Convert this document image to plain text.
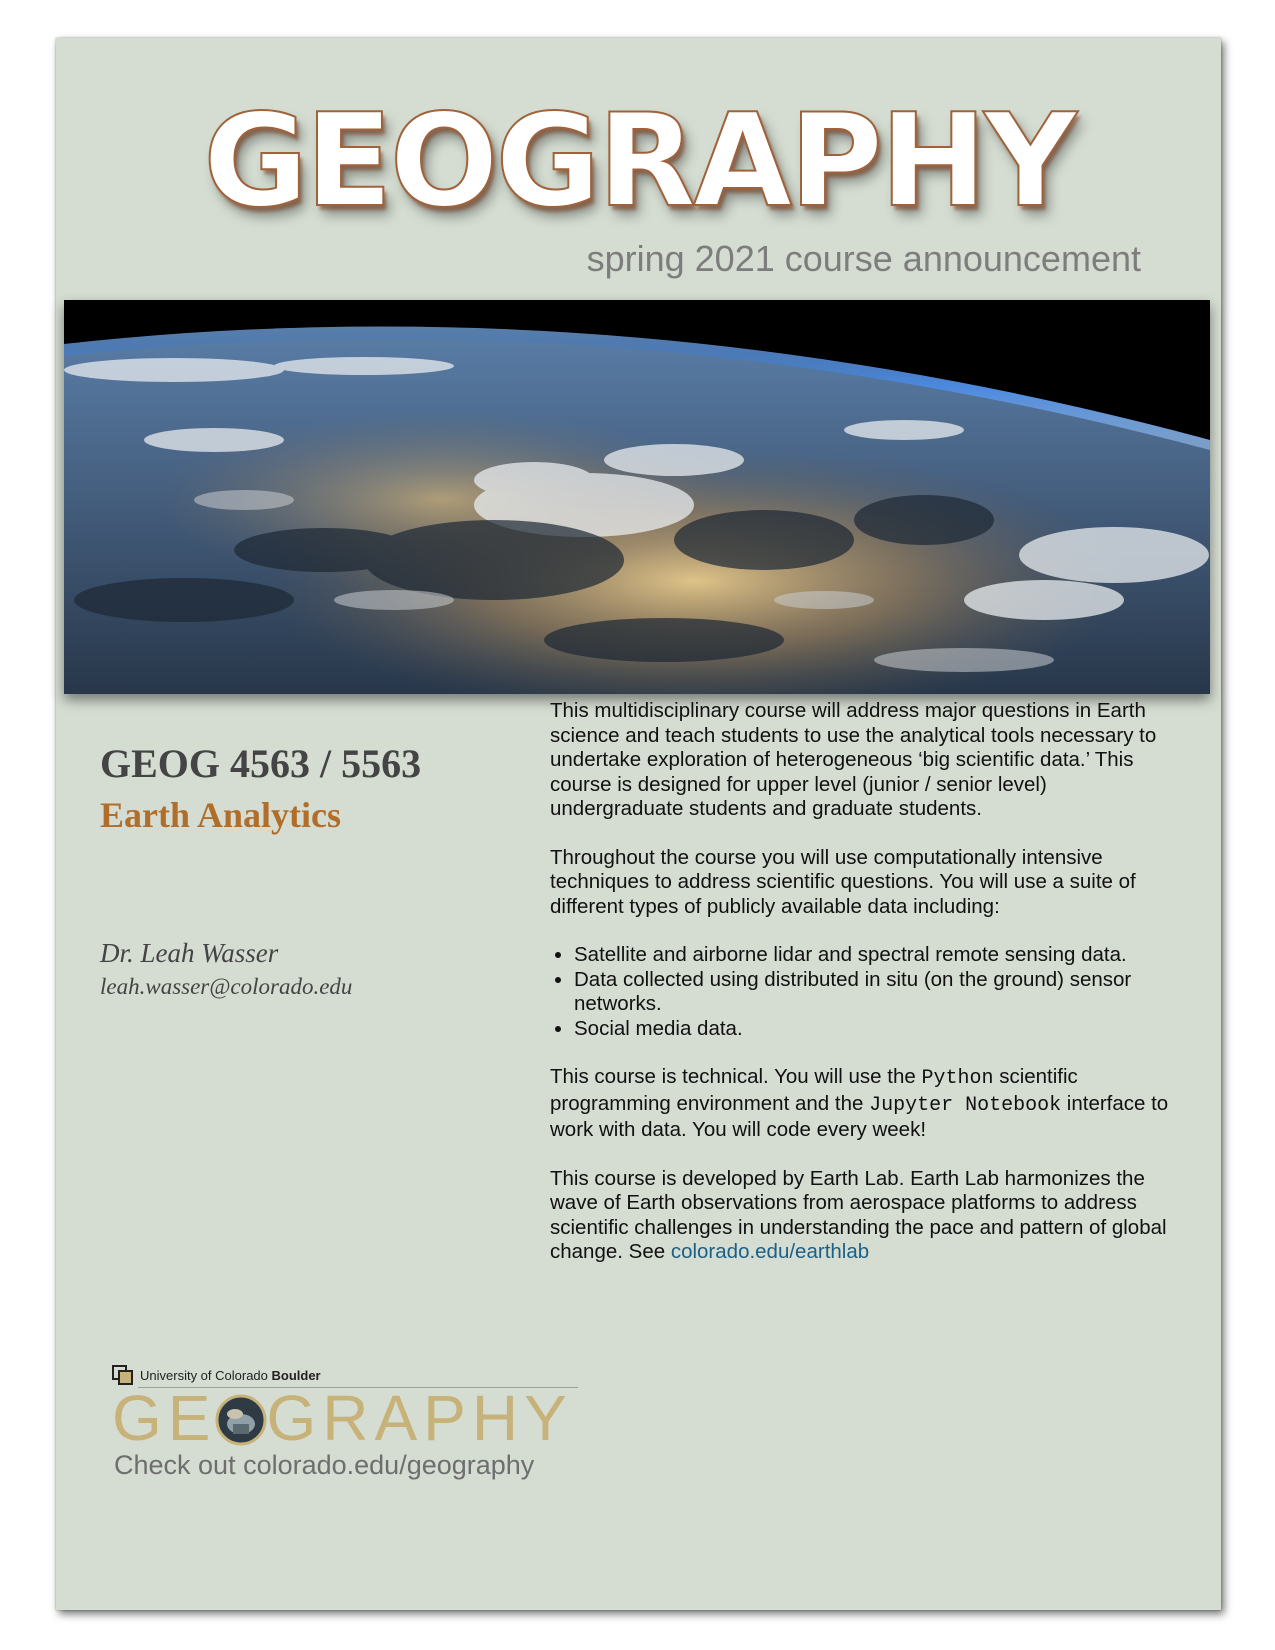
GEOGRAPHY
spring 2021 course announcement
GEOG 4563 / 5563
Earth Analytics
Dr. Leah Wasser
leah.wasser@colorado.edu

This multidisciplinary course will address major questions in Earth science and teach students to use the analytical tools necessary to undertake exploration of heterogeneous ‘big scientific data.’ This course is designed for upper level (junior / senior level) undergraduate students and graduate students.

Throughout the course you will use computationally intensive techniques to address scientific questions. You will use a suite of different types of publicly available data including:

• Satellite and airborne lidar and spectral remote sensing data.
• Data collected using distributed in situ (on the ground) sensor networks.
• Social media data.

This course is technical. You will use the Python scientific programming environment and the Jupyter Notebook interface to work with data. You will code every week!

This course is developed by Earth Lab. Earth Lab harmonizes the wave of Earth observations from aerospace platforms to address scientific challenges in understanding the pace and pattern of global change. See colorado.edu/earthlab

University of Colorado Boulder
GE GRAPHY
Check out colorado.edu/geography
